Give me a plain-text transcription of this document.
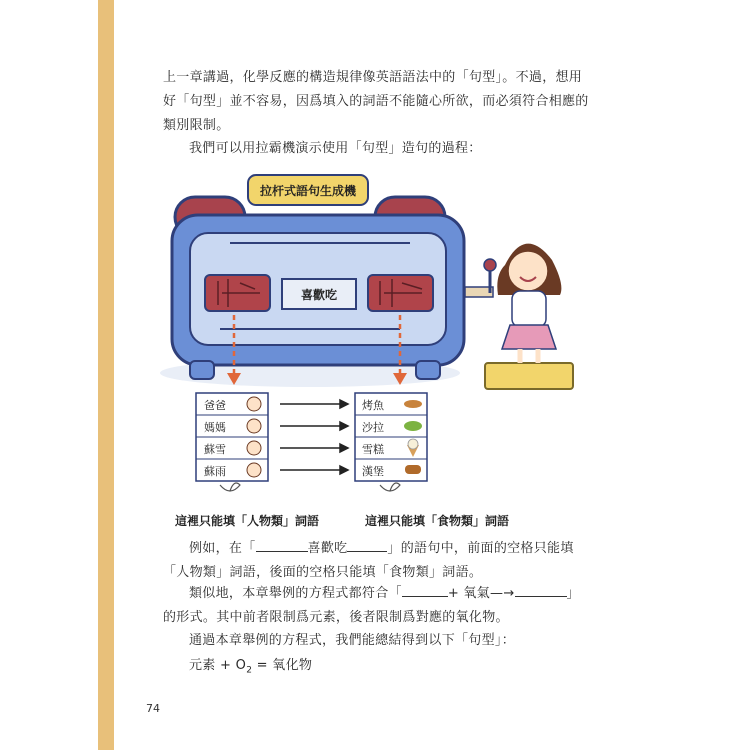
上一章講過，化學反應的構造規律像英語語法中的「句型」。不過，想用好「句型」並不容易，因爲填入的詞語不能隨心所欲，而必須符合相應的類別限制。
我們可以用拉霸機演示使用「句型」造句的過程：
拉杆式語句生成機
喜歡吃
爸爸
媽媽
蘇雪
蘇雨
烤魚
沙拉
雪糕
漢堡
這裡只能填「人物類」詞語	這裡只能填「食物類」詞語
例如，在「	喜歡吃	」的語句中，前面的空格只能填「人物類」詞語，後面的空格只能填「食物類」詞語。
類似地，本章舉例的方程式都符合「	+ 氧氣—→	」的形式。其中前者限制爲元素，後者限制爲對應的氧化物。
通過本章舉例的方程式，我們能總結得到以下「句型」：
元素 + $O_2$ = 氧化物
74
